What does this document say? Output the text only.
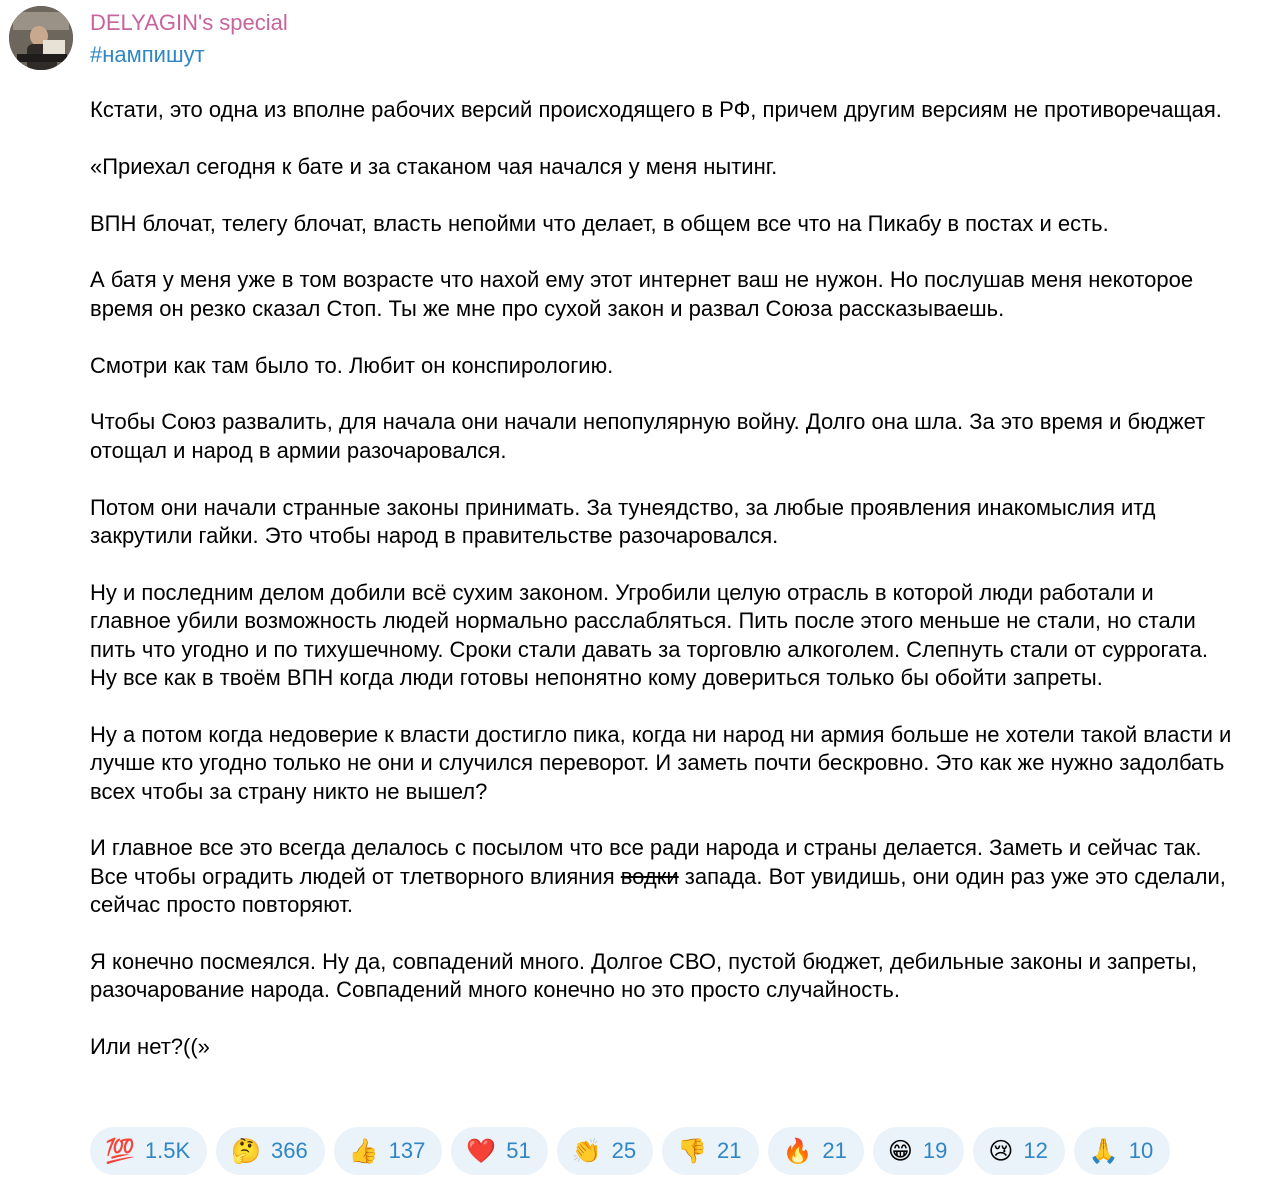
DELYAGIN's special
#нампишут

Кстати, это одна из вполне рабочих версий происходящего в РФ, причем другим версиям не противоречащая.

«Приехал сегодня к бате и за стаканом чая начался у меня нытинг.

ВПН блочат, телегу блочат, власть непойми что делает, в общем все что на Пикабу в постах и есть.

А батя у меня уже в том возрасте что нахой ему этот интернет ваш не нужон. Но послушав меня некоторое время он резко сказал Стоп. Ты же мне про сухой закон и развал Союза рассказываешь.

Смотри как там было то. Любит он конспирологию.

Чтобы Союз развалить, для начала они начали непопулярную войну. Долго она шла. За это время и бюджет отощал и народ в армии разочаровался.

Потом они начали странные законы принимать. За тунеядство, за любые проявления инакомыслия итд закрутили гайки. Это чтобы народ в правительстве разочаровался.

Ну и последним делом добили всё сухим законом. Угробили целую отрасль в которой люди работали и главное убили возможность людей нормально расслабляться. Пить после этого меньше не стали, но стали пить что угодно и по тихушечному. Сроки стали давать за торговлю алкоголем. Слепнуть стали от суррогата. Ну все как в твоём ВПН когда люди готовы непонятно кому довериться только бы обойти запреты.

Ну а потом когда недоверие к власти достигло пика, когда ни народ ни армия больше не хотели такой власти и лучше кто угодно только не они и случился переворот. И заметь почти бескровно. Это как же нужно задолбать всех чтобы за страну никто не вышел?

И главное все это всегда делалось с посылом что все ради народа и страны делается. Заметь и сейчас так. Все чтобы оградить людей от тлетворного влияния водки запада. Вот увидишь, они один раз уже это сделали, сейчас просто повторяют.

Я конечно посмеялся. Ну да, совпадений много. Долгое СВО, пустой бюджет, дебильные законы и запреты, разочарование народа. Совпадений много конечно но это просто случайность.

Или нет?((»

💯 1.5K 🤔 366 👍 137 ❤️ 51 👏 25 👎 21 🔥 21 😁 19 😢 12 🙏 10
